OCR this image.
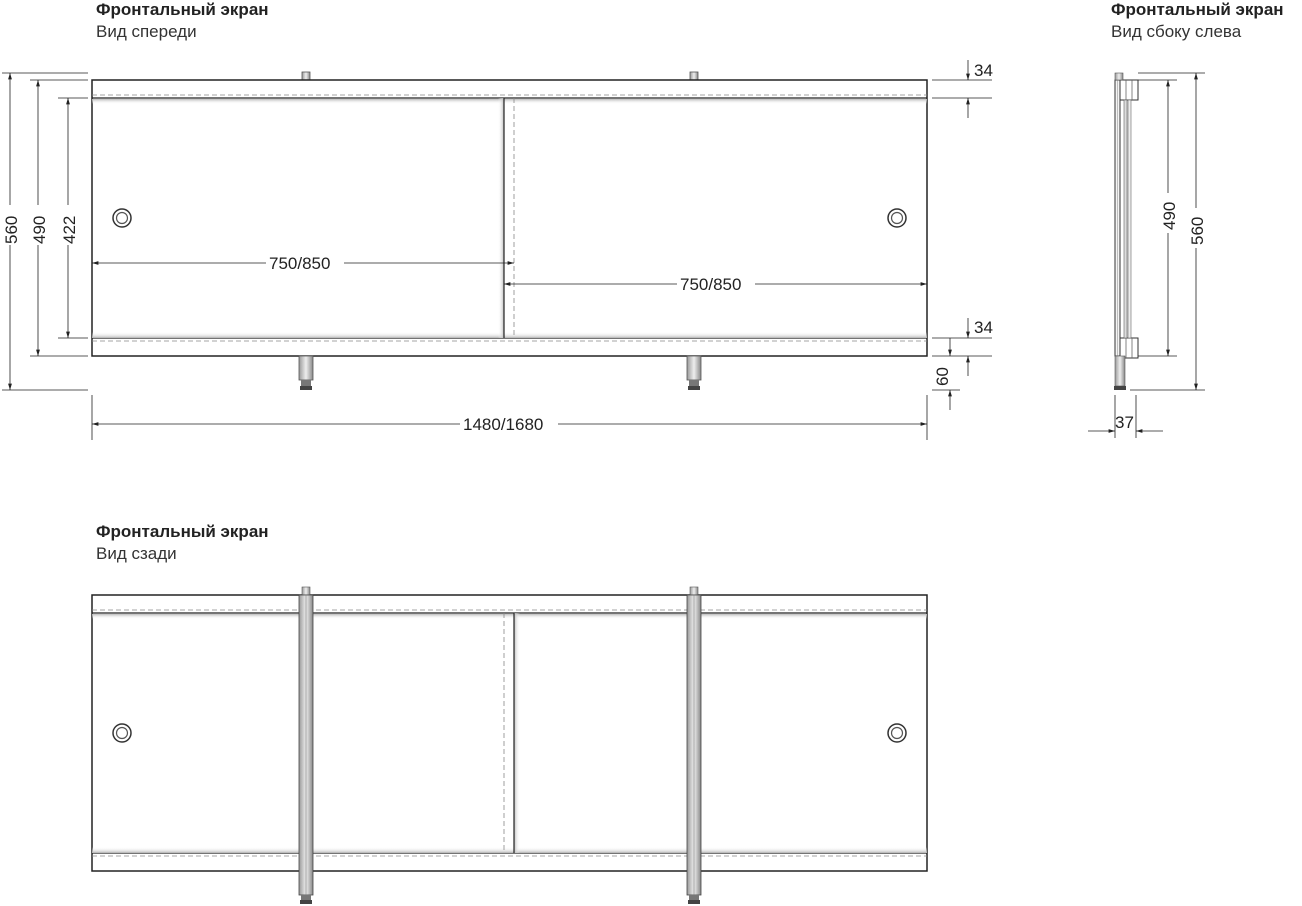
Фронтальный экран
Вид спереди
Фронтальный экран
Вид сбоку слева
Фронтальный экран
Вид сзади
560 490 422
750/850
750/850
1480/1680
34
34
60
490
560
37
